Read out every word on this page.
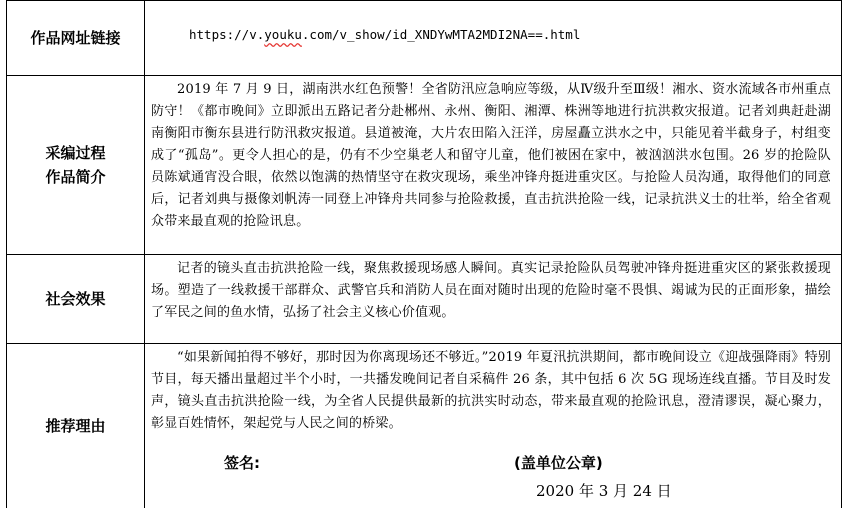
作品网址链接	https://v.youku.com/v_show/id_XNDYwMTA2MDI2NA==.html
采编过程
作品简介

2019 年 7 月 9 日，湖南洪水红色预警！全省防汛应急响应等级，从Ⅳ级升至Ⅲ级！湘水、资水流域各市州重点防守！《都市晚间》立即派出五路记者分赴郴州、永州、衡阳、湘潭、株洲等地进行抗洪救灾报道。记者刘典赶赴湖南衡阳市衡东县进行防汛救灾报道。县道被淹，大片农田陷入汪洋，房屋矗立洪水之中，只能见着半截身子，村组变成了“孤岛”。更令人担心的是，仍有不少空巢老人和留守儿童，他们被困在家中，被汹汹洪水包围。26 岁的抢险队员陈斌通宵没合眼，依然以饱满的热情坚守在救灾现场，乘坐冲锋舟挺进重灾区。与抢险人员沟通，取得他们的同意后，记者刘典与摄像刘帆涛一同登上冲锋舟共同参与抢险救援，直击抗洪抢险一线，记录抗洪义士的壮举，给全省观众带来最直观的抢险讯息。

社会效果

记者的镜头直击抗洪抢险一线，聚焦救援现场感人瞬间。真实记录抢险队员驾驶冲锋舟挺进重灾区的紧张救援现场。塑造了一线救援干部群众、武警官兵和消防人员在面对随时出现的危险时毫不畏惧、竭诚为民的正面形象，描绘了军民之间的鱼水情，弘扬了社会主义核心价值观。

推荐理由

“如果新闻拍得不够好，那时因为你离现场还不够近。”2019 年夏汛抗洪期间，都市晚间设立《迎战强降雨》特别节目，每天播出量超过半个小时，一共播发晚间记者自采稿件 26 条，其中包括 6 次 5G 现场连线直播。节目及时发声，镜头直击抗洪抢险一线，为全省人民提供最新的抗洪实时动态，带来最直观的抢险讯息，澄清谬误，凝心聚力，彰显百姓情怀，架起党与人民之间的桥梁。

签名:	(盖单位公章)
2020 年 3 月 24 日
